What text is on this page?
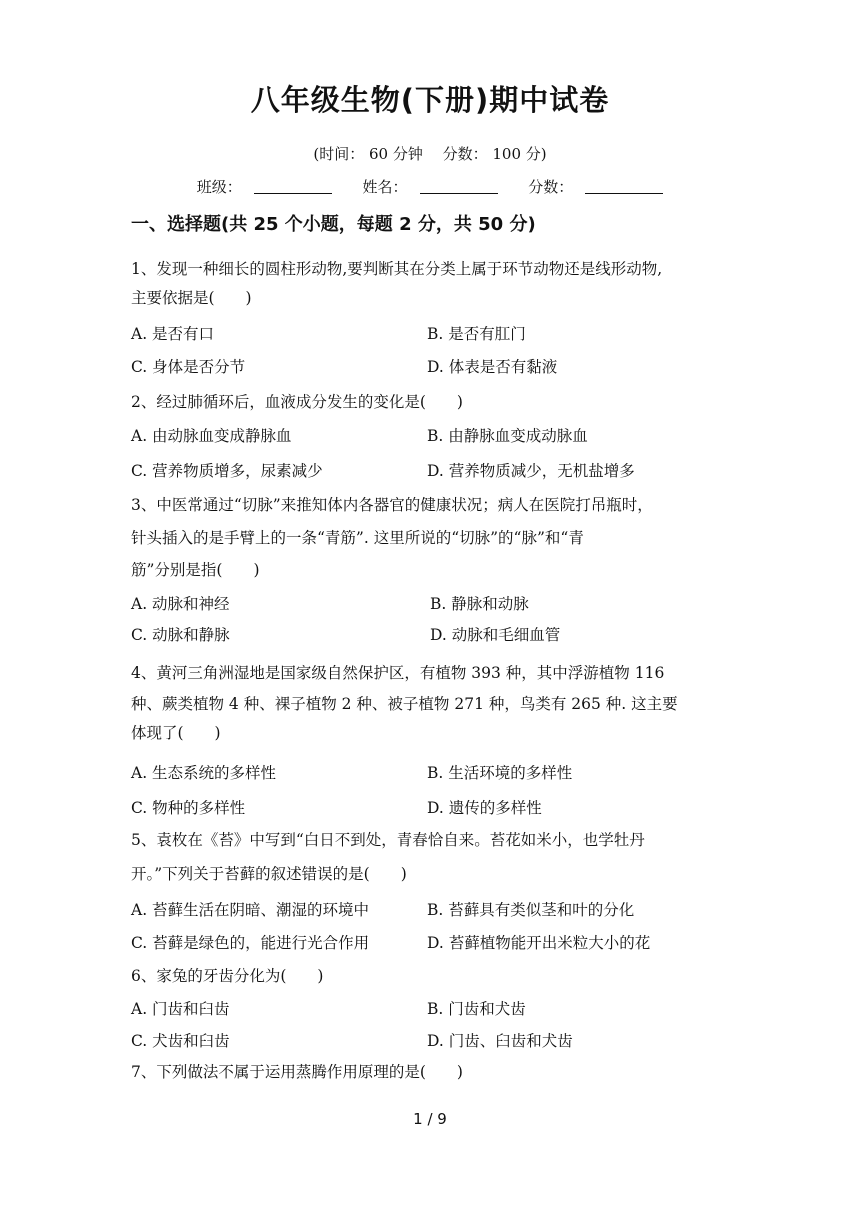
八年级生物(下册)期中试卷
(时间： 60 分钟　 分数： 100 分)
班级：	姓名：	分数：
一、选择题(共 25 个小题，每题 2 分，共 50 分)
1、发现一种细长的圆柱形动物,要判断其在分类上属于环节动物还是线形动物,
主要依据是(　　)
A. 是否有口	B. 是否有肛门
C. 身体是否分节	D. 体表是否有黏液
2、经过肺循环后，血液成分发生的变化是(　　)
A. 由动脉血变成静脉血	B. 由静脉血变成动脉血
C. 营养物质增多，尿素减少	D. 营养物质减少，无机盐增多
3、中医常通过“切脉”来推知体内各器官的健康状况；病人在医院打吊瓶时，
针头插入的是手臂上的一条“青筋”. 这里所说的“切脉”的“脉”和“青
筋”分别是指(　　)
A. 动脉和神经	B. 静脉和动脉
C. 动脉和静脉	D. 动脉和毛细血管
4、黄河三角洲湿地是国家级自然保护区，有植物 393 种，其中浮游植物 116
种、蕨类植物 4 种、裸子植物 2 种、被子植物 271 种，鸟类有 265 种. 这主要
体现了(　　)
A. 生态系统的多样性	B. 生活环境的多样性
C. 物种的多样性	D. 遗传的多样性
5、袁枚在《苔》中写到“白日不到处，青春恰自来。苔花如米小，也学牡丹
开。”下列关于苔藓的叙述错误的是(　　)
A. 苔藓生活在阴暗、潮湿的环境中	B. 苔藓具有类似茎和叶的分化
C. 苔藓是绿色的，能进行光合作用	D. 苔藓植物能开出米粒大小的花
6、家兔的牙齿分化为(　　)
A. 门齿和臼齿	B. 门齿和犬齿
C. 犬齿和臼齿	D. 门齿、臼齿和犬齿
7、下列做法不属于运用蒸腾作用原理的是(　　)
1 / 9
